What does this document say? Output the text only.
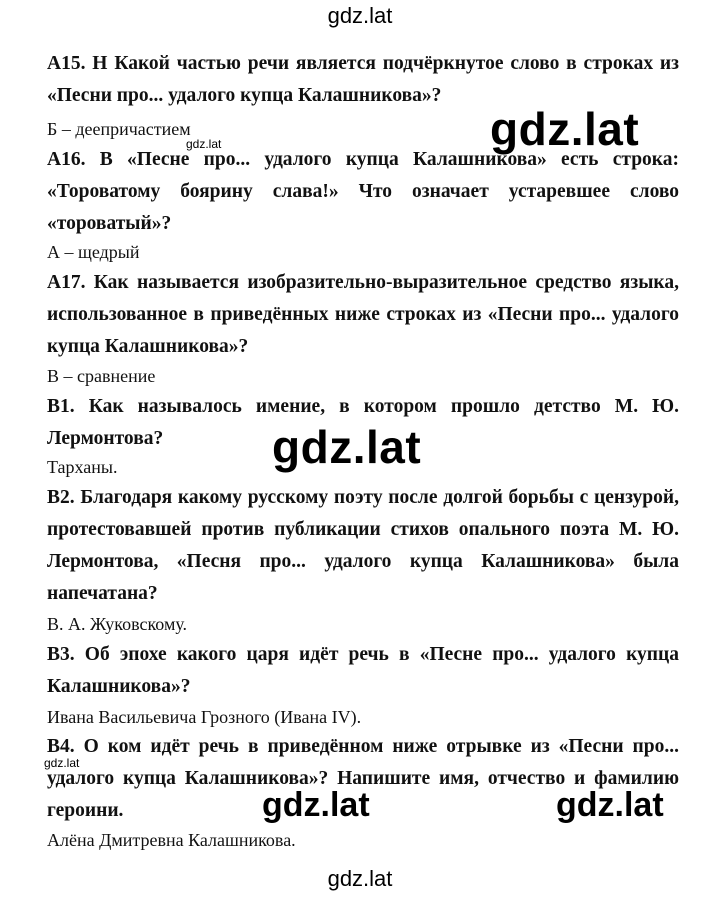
gdz.lat

А15. Н Какой частью речи является подчёркнутое слово в строках из «Песни про... удалого купца Калашникова»?

Б – деепричастием

А16. В «Песне про... удалого купца Калашникова» есть строка: «Тороватому боярину слава!» Что означает устаревшее слово «тороватый»?

А – щедрый

А17. Как называется изобразительно-выразительное средство языка, использованное в приведённых ниже строках из «Песни про... удалого купца Калашникова»?

В – сравнение

В1. Как называлось имение, в котором прошло детство М. Ю. Лермонтова?

Тарханы.

В2. Благодаря какому русскому поэту после долгой борьбы с цензурой, протестовавшей против публикации стихов опального поэта М. Ю. Лермонтова, «Песня про... удалого купца Калашникова» была напечатана?

В. А. Жуковскому.

В3. Об эпохе какого царя идёт речь в «Песне про... удалого купца Калашникова»?

Ивана Васильевича Грозного (Ивана IV).

В4. О ком идёт речь в приведённом ниже отрывке из «Песни про... удалого купца Калашникова»? Напишите имя, отчество и фамилию героини.

Алёна Дмитревна Калашникова.

gdz.lat
gdz.lat
gdz.lat
gdz.lat
gdz.lat	gdz.lat
gdz.lat
